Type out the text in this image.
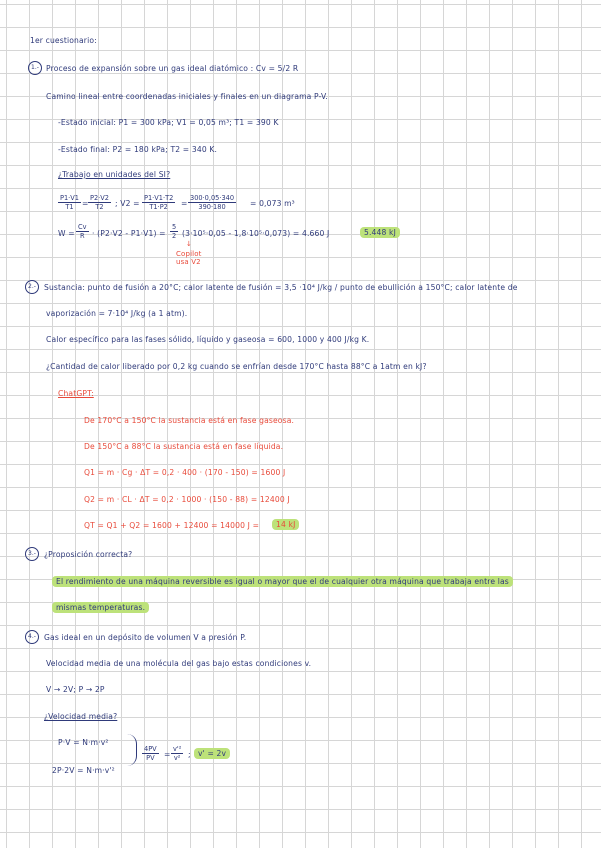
1er cuestionario:
1.- Proceso de expansión sobre un gas ideal diatómico : Cv = 5/2 R
Camino lineal entre coordenadas iniciales y finales en un diagrama P-V.
-Estado inicial: P1 = 300 kPa; V1 = 0,05 m³; T1 = 390 K
-Estado final: P2 = 180 kPa; T2 = 340 K.
¿Trabajo en unidades del SI?
$\frac{P1\cdot V1}{T1} = \frac{P2\cdot V2}{T2}$ ; $V2 = \frac{P1\cdot V1\cdot T2}{T1\cdot P2} = \frac{300\cdot 0,05\cdot 340}{390\cdot 180} = 0,073$ m³
$W = \frac{Cv}{R} \cdot (P2\cdot V2 - P1\cdot V1) = \frac{5}{2} (3\cdot 10^5\cdot 0,05 - 1,8\cdot 10^5\cdot 0,073) = 4.660$ J	5.448 kJ
↓
Copilot
usa V2
2.-	Sustancia: punto de fusión a 20°C; calor latente de fusión = 3,5 ·10⁴ J/kg / punto de ebullición a 150°C; calor latente de
vaporización = 7·10⁴ J/kg (a 1 atm).
Calor específico para las fases sólido, líquido y gaseosa = 600, 1000 y 400 J/kg K.
¿Cantidad de calor liberado por 0,2 kg cuando se enfrían desde 170°C hasta 88°C a 1atm en kJ?
ChatGPT:
De 170°C a 150°C la sustancia está en fase gaseosa.
De 150°C a 88°C la sustancia está en fase líquida.
Q1 = m · Cg · ΔT = 0,2 · 400 · (170 - 150) = 1600 J
Q2 = m · CL · ΔT = 0,2 · 1000 · (150 - 88) = 12400 J
QT = Q1 + Q2 = 1600 + 12400 = 14000 J =	14 kJ
3.-	¿Proposición correcta?
El rendimiento de una máquina reversible es igual o mayor que el de cualquier otra máquina que trabaja entre las
mismas temperaturas.
4.-	Gas ideal en un depósito de volumen V a presión P.
Velocidad media de una molécula del gas bajo estas condiciones v.
V → 2V; P → 2P
¿Velocidad media?
P·V = N·m·v²
2P·2V = N·m·v'²
$\frac{4PV}{PV} = \frac{\text{v'²}}{\text{v²}}$ ; v' = 2v
